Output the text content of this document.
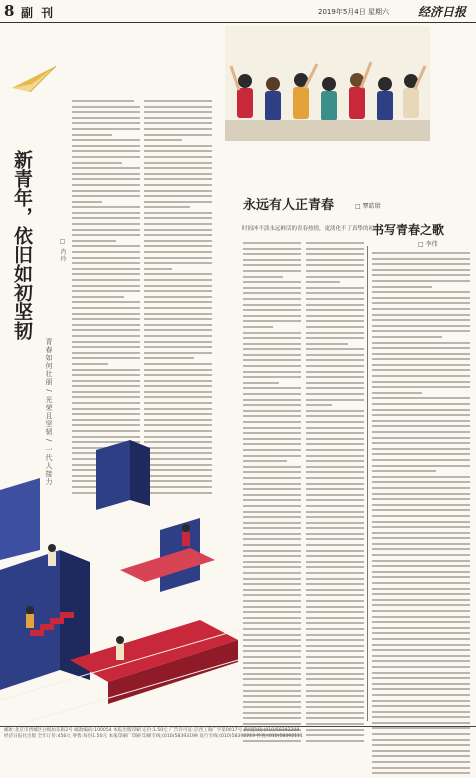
8 副 刊	2019年5月4日 星期六 经济日报
新青年，依旧如初坚韧	□ 肖玲
青春如何壮丽 / 光荣且坚韧 / 一代人接力
永远有人正青春	□ 覃皓珺
时间冲不淡永远鲜活的青春热情，更淡化不了真挚的初心
书写青春之歌
□ 李伟
邮址:北京市西城区白纸坊东街2号 邮政编码:100054 本报出版印刷 定价:1.50元 广告许可证:京西工商广字第0017号 新闻热线:(010)58392208
经济日报社出版 全年订价:456元 零售:每份1.50元 本报印刷厂印刷 印刷专线:(010)58393199 发行专线:(010)58392213 传真:(010)58392111
